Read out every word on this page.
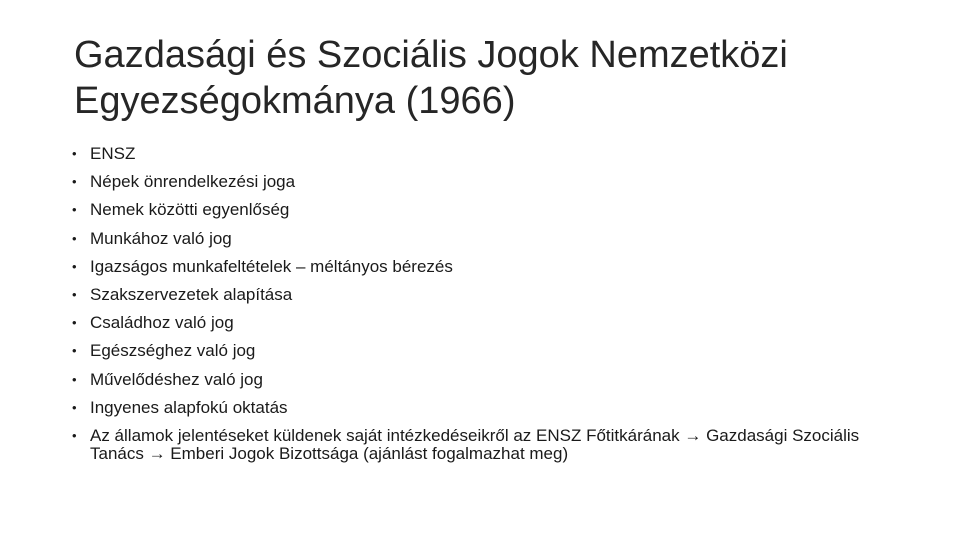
Gazdasági és Szociális Jogok Nemzetközi Egyezségokmánya (1966)
• ENSZ
• Népek önrendelkezési joga
• Nemek közötti egyenlőség
• Munkához való jog
• Igazságos munkafeltételek – méltányos bérezés
• Szakszervezetek alapítása
• Családhoz való jog
• Egészséghez való jog
• Művelődéshez való jog
• Ingyenes alapfokú oktatás
• Az államok jelentéseket küldenek saját intézkedéseikről az ENSZ Főtitkárának → Gazdasági Szociális Tanács → Emberi Jogok Bizottsága (ajánlást fogalmazhat meg)
